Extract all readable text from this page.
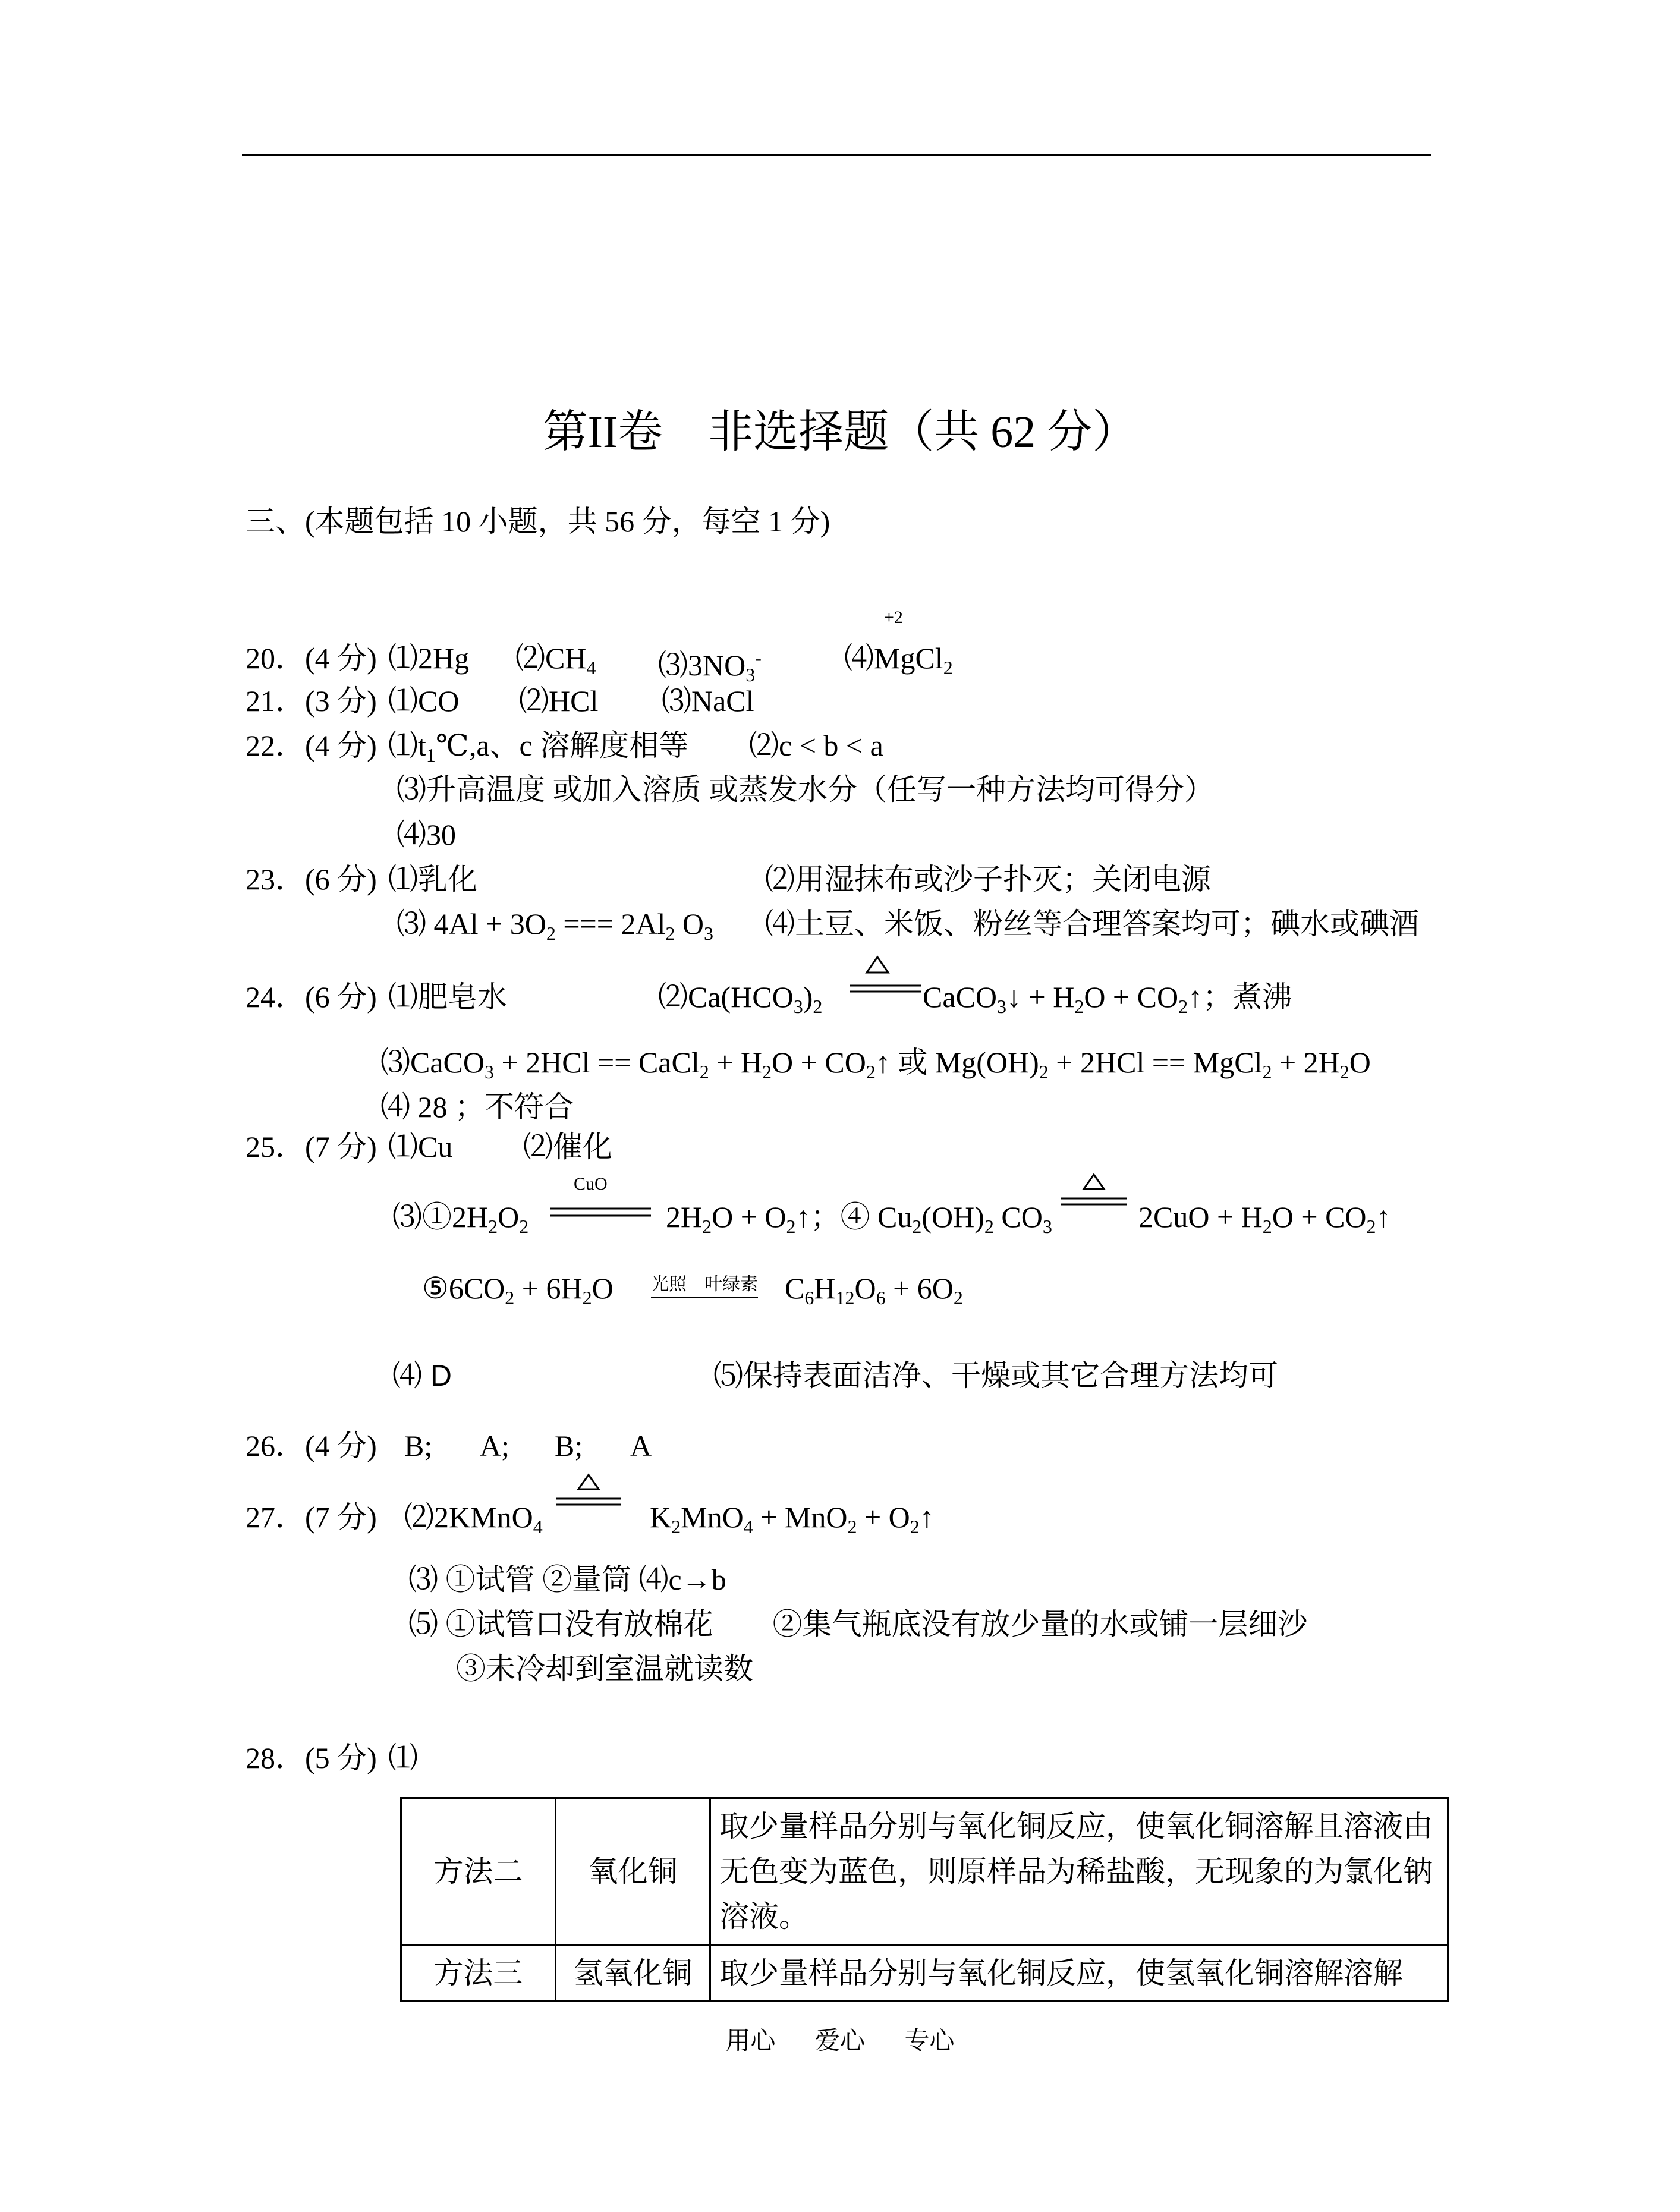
第II卷　非选择题（共 62 分）
三、(本题包括 10 小题，共 56 分，每空 1 分)
+2
20．(4 分) ⑴2Hg $⑵CH_4$ $⑶3NO_3^-$	⑷MgCl$_2$
21．(3 分) ⑴CO ⑵HCl ⑶NaCl
22．(4 分) $⑴t_1℃,a$、c 溶解度相等 ⑵c < b < a
⑶升高温度 或加入溶质 或蒸发水分（任写一种方法均可得分）
⑷30
23．(6 分) ⑴乳化	⑵用湿抹布或沙子扑灭；关闭电源
⑶ $4Al + 3O_2$ === $2Al_2$ $O_3$ ⑷土豆、米饭、粉丝等合理答案均可；碘水或碘酒
24．(6 分) ⑴肥皂水	$⑵Ca(HCO_3)_2$	CaCO$_3$↓ + $H_2O$ + $CO_2↑$；煮沸
⑶CaCO$_3$ + 2HCl == CaCl$_2$ + $H_2O$ + $CO_2↑$ 或 $Mg(OH)_2 + 2HCl$ == MgCl$_2$ + $2H_2O$
⑷ 28 ；不符合
25．(7 分) ⑴Cu ⑵催化
$⑶①2H_2O_2$
CuO
$2H_2O$ + $O_2↑$；④ $Cu_2(OH)_2$ $CO_3$	$2CuO + H_2O$ + $CO_2↑$
$⑤6CO_2 + 6H_2O$ 光照　叶绿素 $C_6H_{12}O_6 + 6O_2$
⑷ D	⑸保持表面洁净、干燥或其它合理方法均可
26．(4 分) B; A; B; A
27．(7 分) ⑵2KMnO$_4$	$K_2MnO_4 + MnO_2$ + $O_2↑$
⑶ ①试管 ②量筒 ⑷c→b
⑸ ①试管口没有放棉花　　②集气瓶底没有放少量的水或铺一层细沙
③未冷却到室温就读数
28．(5 分) ⑴
方法二	氧化铜	取少量样品分别与氧化铜反应，使氧化铜溶解且溶液由无色变为蓝色，则原样品为稀盐酸，无现象的为氯化钠溶液。
方法三	氢氧化铜	取少量样品分别与氧化铜反应，使氢氧化铜溶解溶解
用心 爱心 专心
